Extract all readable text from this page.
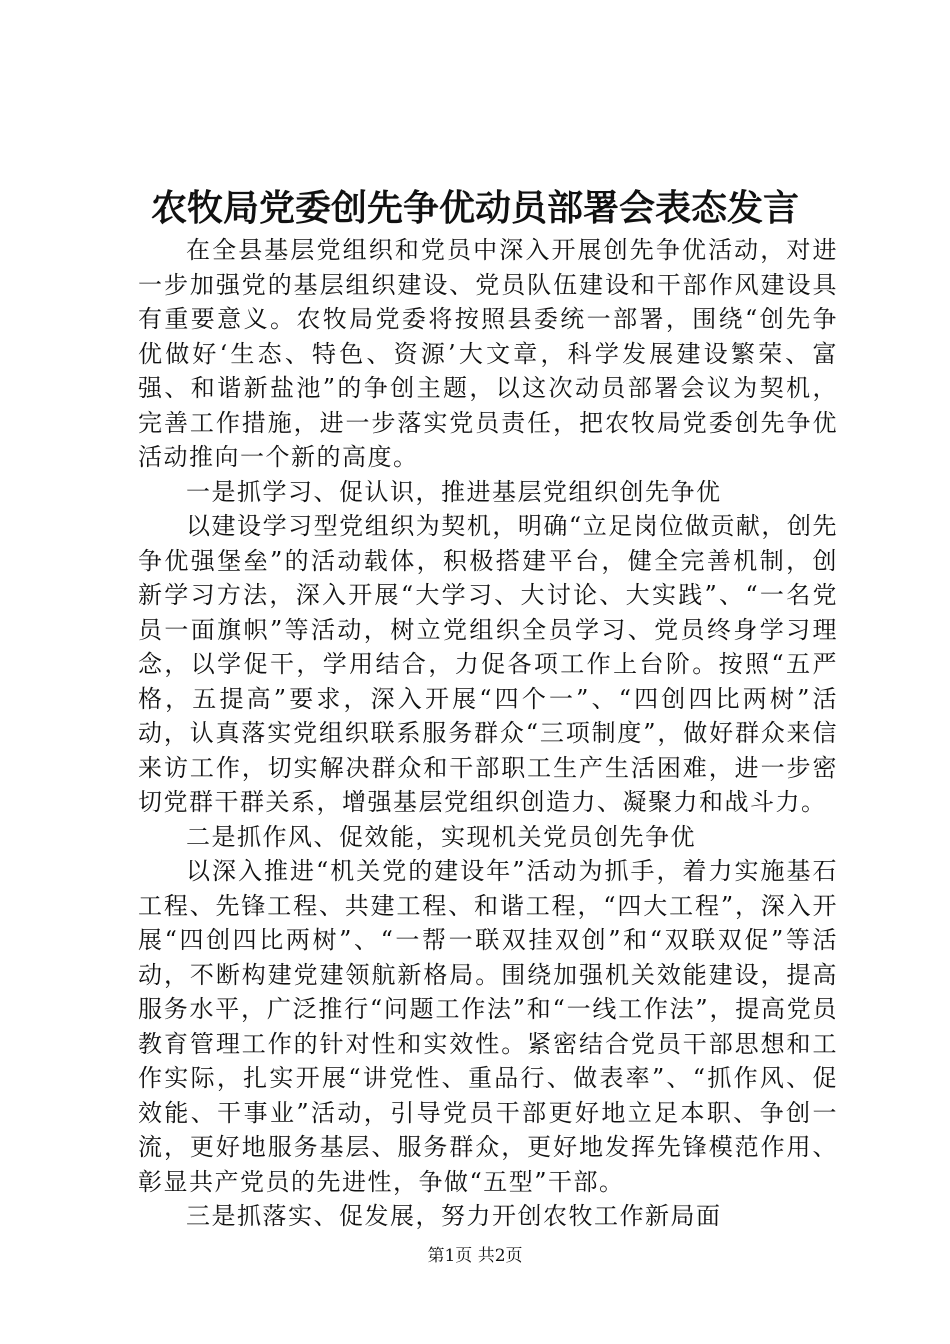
农牧局党委创先争优动员部署会表态发言

在全县基层党组织和党员中深入开展创先争优活动，对进一步加强党的基层组织建设、党员队伍建设和干部作风建设具有重要意义。农牧局党委将按照县委统一部署，围绕“创先争优做好‘生态、特色、资源’大文章，科学发展建设繁荣、富强、和谐新盐池”的争创主题，以这次动员部署会议为契机，完善工作措施，进一步落实党员责任，把农牧局党委创先争优活动推向一个新的高度。

一是抓学习、促认识，推进基层党组织创先争优

以建设学习型党组织为契机，明确“立足岗位做贡献，创先争优强堡垒”的活动载体，积极搭建平台，健全完善机制，创新学习方法，深入开展“大学习、大讨论、大实践”、“一名党员一面旗帜”等活动，树立党组织全员学习、党员终身学习理念，以学促干，学用结合，力促各项工作上台阶。按照“五严格，五提高”要求，深入开展“四个一”、“四创四比两树”活动，认真落实党组织联系服务群众“三项制度”，做好群众来信来访工作，切实解决群众和干部职工生产生活困难，进一步密切党群干群关系，增强基层党组织创造力、凝聚力和战斗力。

二是抓作风、促效能，实现机关党员创先争优

以深入推进“机关党的建设年”活动为抓手，着力实施基石工程、先锋工程、共建工程、和谐工程，“四大工程”，深入开展“四创四比两树”、“一帮一联双挂双创”和“双联双促”等活动，不断构建党建领航新格局。围绕加强机关效能建设，提高服务水平，广泛推行“问题工作法”和“一线工作法”，提高党员教育管理工作的针对性和实效性。紧密结合党员干部思想和工作实际，扎实开展“讲党性、重品行、做表率”、“抓作风、促效能、干事业”活动，引导党员干部更好地立足本职、争创一流，更好地服务基层、服务群众，更好地发挥先锋模范作用、彰显共产党员的先进性，争做“五型”干部。

三是抓落实、促发展，努力开创农牧工作新局面

第1页 共2页
